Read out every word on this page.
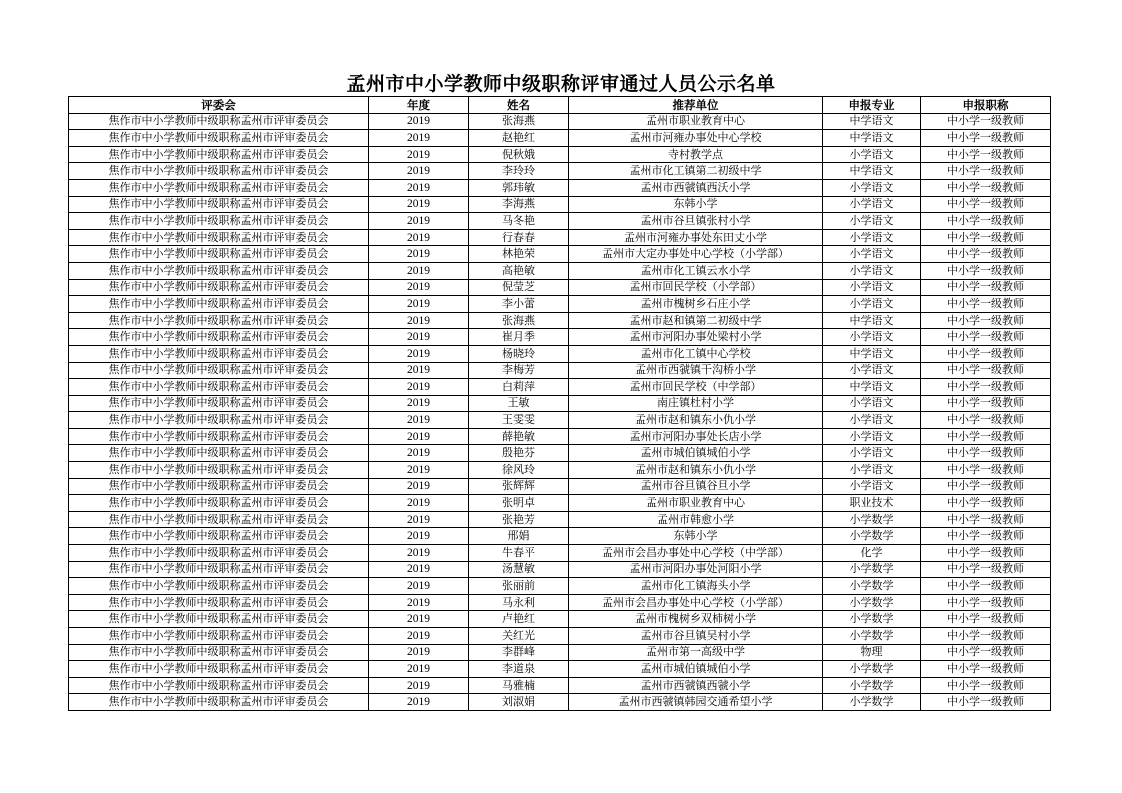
孟州市中小学教师中级职称评审通过人员公示名单
评委会	年度	姓名	推荐单位	申报专业	申报职称
焦作市中小学教师中级职称孟州市评审委员会	2019	张海燕	孟州市职业教育中心	中学语文	中小学一级教师
焦作市中小学教师中级职称孟州市评审委员会	2019	赵艳红	孟州市河雍办事处中心学校	中学语文	中小学一级教师
焦作市中小学教师中级职称孟州市评审委员会	2019	倪秋娥	寺村教学点	小学语文	中小学一级教师
焦作市中小学教师中级职称孟州市评审委员会	2019	李玲玲	孟州市化工镇第二初级中学	中学语文	中小学一级教师
焦作市中小学教师中级职称孟州市评审委员会	2019	郭玮敏	孟州市西虢镇西沃小学	小学语文	中小学一级教师
焦作市中小学教师中级职称孟州市评审委员会	2019	李海燕	东韩小学	小学语文	中小学一级教师
焦作市中小学教师中级职称孟州市评审委员会	2019	马冬艳	孟州市谷旦镇张村小学	小学语文	中小学一级教师
焦作市中小学教师中级职称孟州市评审委员会	2019	行春春	孟州市河雍办事处东田丈小学	小学语文	中小学一级教师
焦作市中小学教师中级职称孟州市评审委员会	2019	林艳荣	孟州市大定办事处中心学校（小学部）	小学语文	中小学一级教师
焦作市中小学教师中级职称孟州市评审委员会	2019	高艳敏	孟州市化工镇云水小学	小学语文	中小学一级教师
焦作市中小学教师中级职称孟州市评审委员会	2019	倪莹芝	孟州市回民学校（小学部）	小学语文	中小学一级教师
焦作市中小学教师中级职称孟州市评审委员会	2019	李小蕾	孟州市槐树乡石庄小学	小学语文	中小学一级教师
焦作市中小学教师中级职称孟州市评审委员会	2019	张海燕	孟州市赵和镇第二初级中学	中学语文	中小学一级教师
焦作市中小学教师中级职称孟州市评审委员会	2019	崔月季	孟州市河阳办事处梁村小学	小学语文	中小学一级教师
焦作市中小学教师中级职称孟州市评审委员会	2019	杨晓玲	孟州市化工镇中心学校	中学语文	中小学一级教师
焦作市中小学教师中级职称孟州市评审委员会	2019	李梅芳	孟州市西虢镇干沟桥小学	小学语文	中小学一级教师
焦作市中小学教师中级职称孟州市评审委员会	2019	白莉萍	孟州市回民学校（中学部）	中学语文	中小学一级教师
焦作市中小学教师中级职称孟州市评审委员会	2019	王敏	南庄镇杜村小学	小学语文	中小学一级教师
焦作市中小学教师中级职称孟州市评审委员会	2019	王雯雯	孟州市赵和镇东小仇小学	小学语文	中小学一级教师
焦作市中小学教师中级职称孟州市评审委员会	2019	薛艳敏	孟州市河阳办事处长店小学	小学语文	中小学一级教师
焦作市中小学教师中级职称孟州市评审委员会	2019	殷艳芬	孟州市城伯镇城伯小学	小学语文	中小学一级教师
焦作市中小学教师中级职称孟州市评审委员会	2019	徐风玲	孟州市赵和镇东小仇小学	小学语文	中小学一级教师
焦作市中小学教师中级职称孟州市评审委员会	2019	张辉辉	孟州市谷旦镇谷旦小学	小学语文	中小学一级教师
焦作市中小学教师中级职称孟州市评审委员会	2019	张明卓	孟州市职业教育中心	职业技术	中小学一级教师
焦作市中小学教师中级职称孟州市评审委员会	2019	张艳芳	孟州市韩愈小学	小学数学	中小学一级教师
焦作市中小学教师中级职称孟州市评审委员会	2019	邢娟	东韩小学	小学数学	中小学一级教师
焦作市中小学教师中级职称孟州市评审委员会	2019	牛春平	孟州市会昌办事处中心学校（中学部）	化学	中小学一级教师
焦作市中小学教师中级职称孟州市评审委员会	2019	汤慧敏	孟州市河阳办事处河阳小学	小学数学	中小学一级教师
焦作市中小学教师中级职称孟州市评审委员会	2019	张丽前	孟州市化工镇海头小学	小学数学	中小学一级教师
焦作市中小学教师中级职称孟州市评审委员会	2019	马永利	孟州市会昌办事处中心学校（小学部）	小学数学	中小学一级教师
焦作市中小学教师中级职称孟州市评审委员会	2019	卢艳红	孟州市槐树乡双柿树小学	小学数学	中小学一级教师
焦作市中小学教师中级职称孟州市评审委员会	2019	关红光	孟州市谷旦镇吴村小学	小学数学	中小学一级教师
焦作市中小学教师中级职称孟州市评审委员会	2019	李群峰	孟州市第一高级中学	物理	中小学一级教师
焦作市中小学教师中级职称孟州市评审委员会	2019	李道泉	孟州市城伯镇城伯小学	小学数学	中小学一级教师
焦作市中小学教师中级职称孟州市评审委员会	2019	马雅楠	孟州市西虢镇西虢小学	小学数学	中小学一级教师
焦作市中小学教师中级职称孟州市评审委员会	2019	刘淑娟	孟州市西虢镇韩园交通希望小学	小学数学	中小学一级教师
